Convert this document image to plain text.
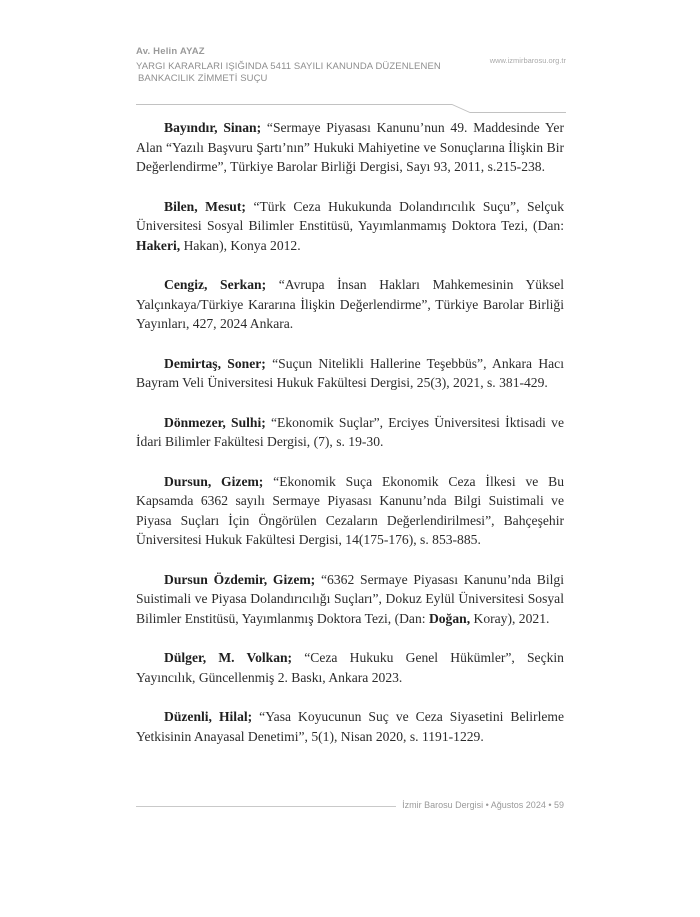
Av. Helin AYAZ
YARGI KARARLARI IŞIĞINDA 5411 SAYILI KANUNDA DÜZENLENEN
BANKACILIK ZİMMETİ SUÇU
www.izmirbarosu.org.tr

Bayındır, Sinan; “Sermaye Piyasası Kanunu’nun 49. Maddesinde Yer Alan “Yazılı Başvuru Şartı’nın” Hukuki Mahiyetine ve Sonuçlarına İlişkin Bir Değerlendirme”, Türkiye Barolar Birliği Dergisi, Sayı 93, 2011, s.215-238.

Bilen, Mesut; “Türk Ceza Hukukunda Dolandırıcılık Suçu”, Selçuk Üniversitesi Sosyal Bilimler Enstitüsü, Yayımlanmamış Doktora Tezi, (Dan: Hakeri, Hakan), Konya 2012.

Cengiz, Serkan; “Avrupa İnsan Hakları Mahkemesinin Yüksel Yalçınkaya/Türkiye Kararına İlişkin Değerlendirme”, Türkiye Barolar Birliği Yayınları, 427, 2024 Ankara.

Demirtaş, Soner; “Suçun Nitelikli Hallerine Teşebbüs”, Ankara Hacı Bayram Veli Üniversitesi Hukuk Fakültesi Dergisi, 25(3), 2021, s. 381-429.

Dönmezer, Sulhi; “Ekonomik Suçlar”, Erciyes Üniversitesi İktisadi ve İdari Bilimler Fakültesi Dergisi, (7), s. 19-30.

Dursun, Gizem; “Ekonomik Suça Ekonomik Ceza İlkesi ve Bu Kapsamda 6362 sayılı Sermaye Piyasası Kanunu’nda Bilgi Suistimali ve Piyasa Suçları İçin Öngörülen Cezaların Değerlendirilmesi”, Bahçeşehir Üniversitesi Hukuk Fakültesi Dergisi, 14(175-176), s. 853-885.

Dursun Özdemir, Gizem; “6362 Sermaye Piyasası Kanunu’nda Bilgi Suistimali ve Piyasa Dolandırıcılığı Suçları”, Dokuz Eylül Üniversitesi Sosyal Bilimler Enstitüsü, Yayımlanmış Doktora Tezi, (Dan: Doğan, Koray), 2021.

Dülger, M. Volkan; “Ceza Hukuku Genel Hükümler”, Seçkin Yayıncılık, Güncellenmiş 2. Baskı, Ankara 2023.

Düzenli, Hilal; “Yasa Koyucunun Suç ve Ceza Siyasetini Belirleme Yetkisinin Anayasal Denetimi”, 5(1), Nisan 2020, s. 1191-1229.

İzmir Barosu Dergisi • Ağustos 2024 • 59
